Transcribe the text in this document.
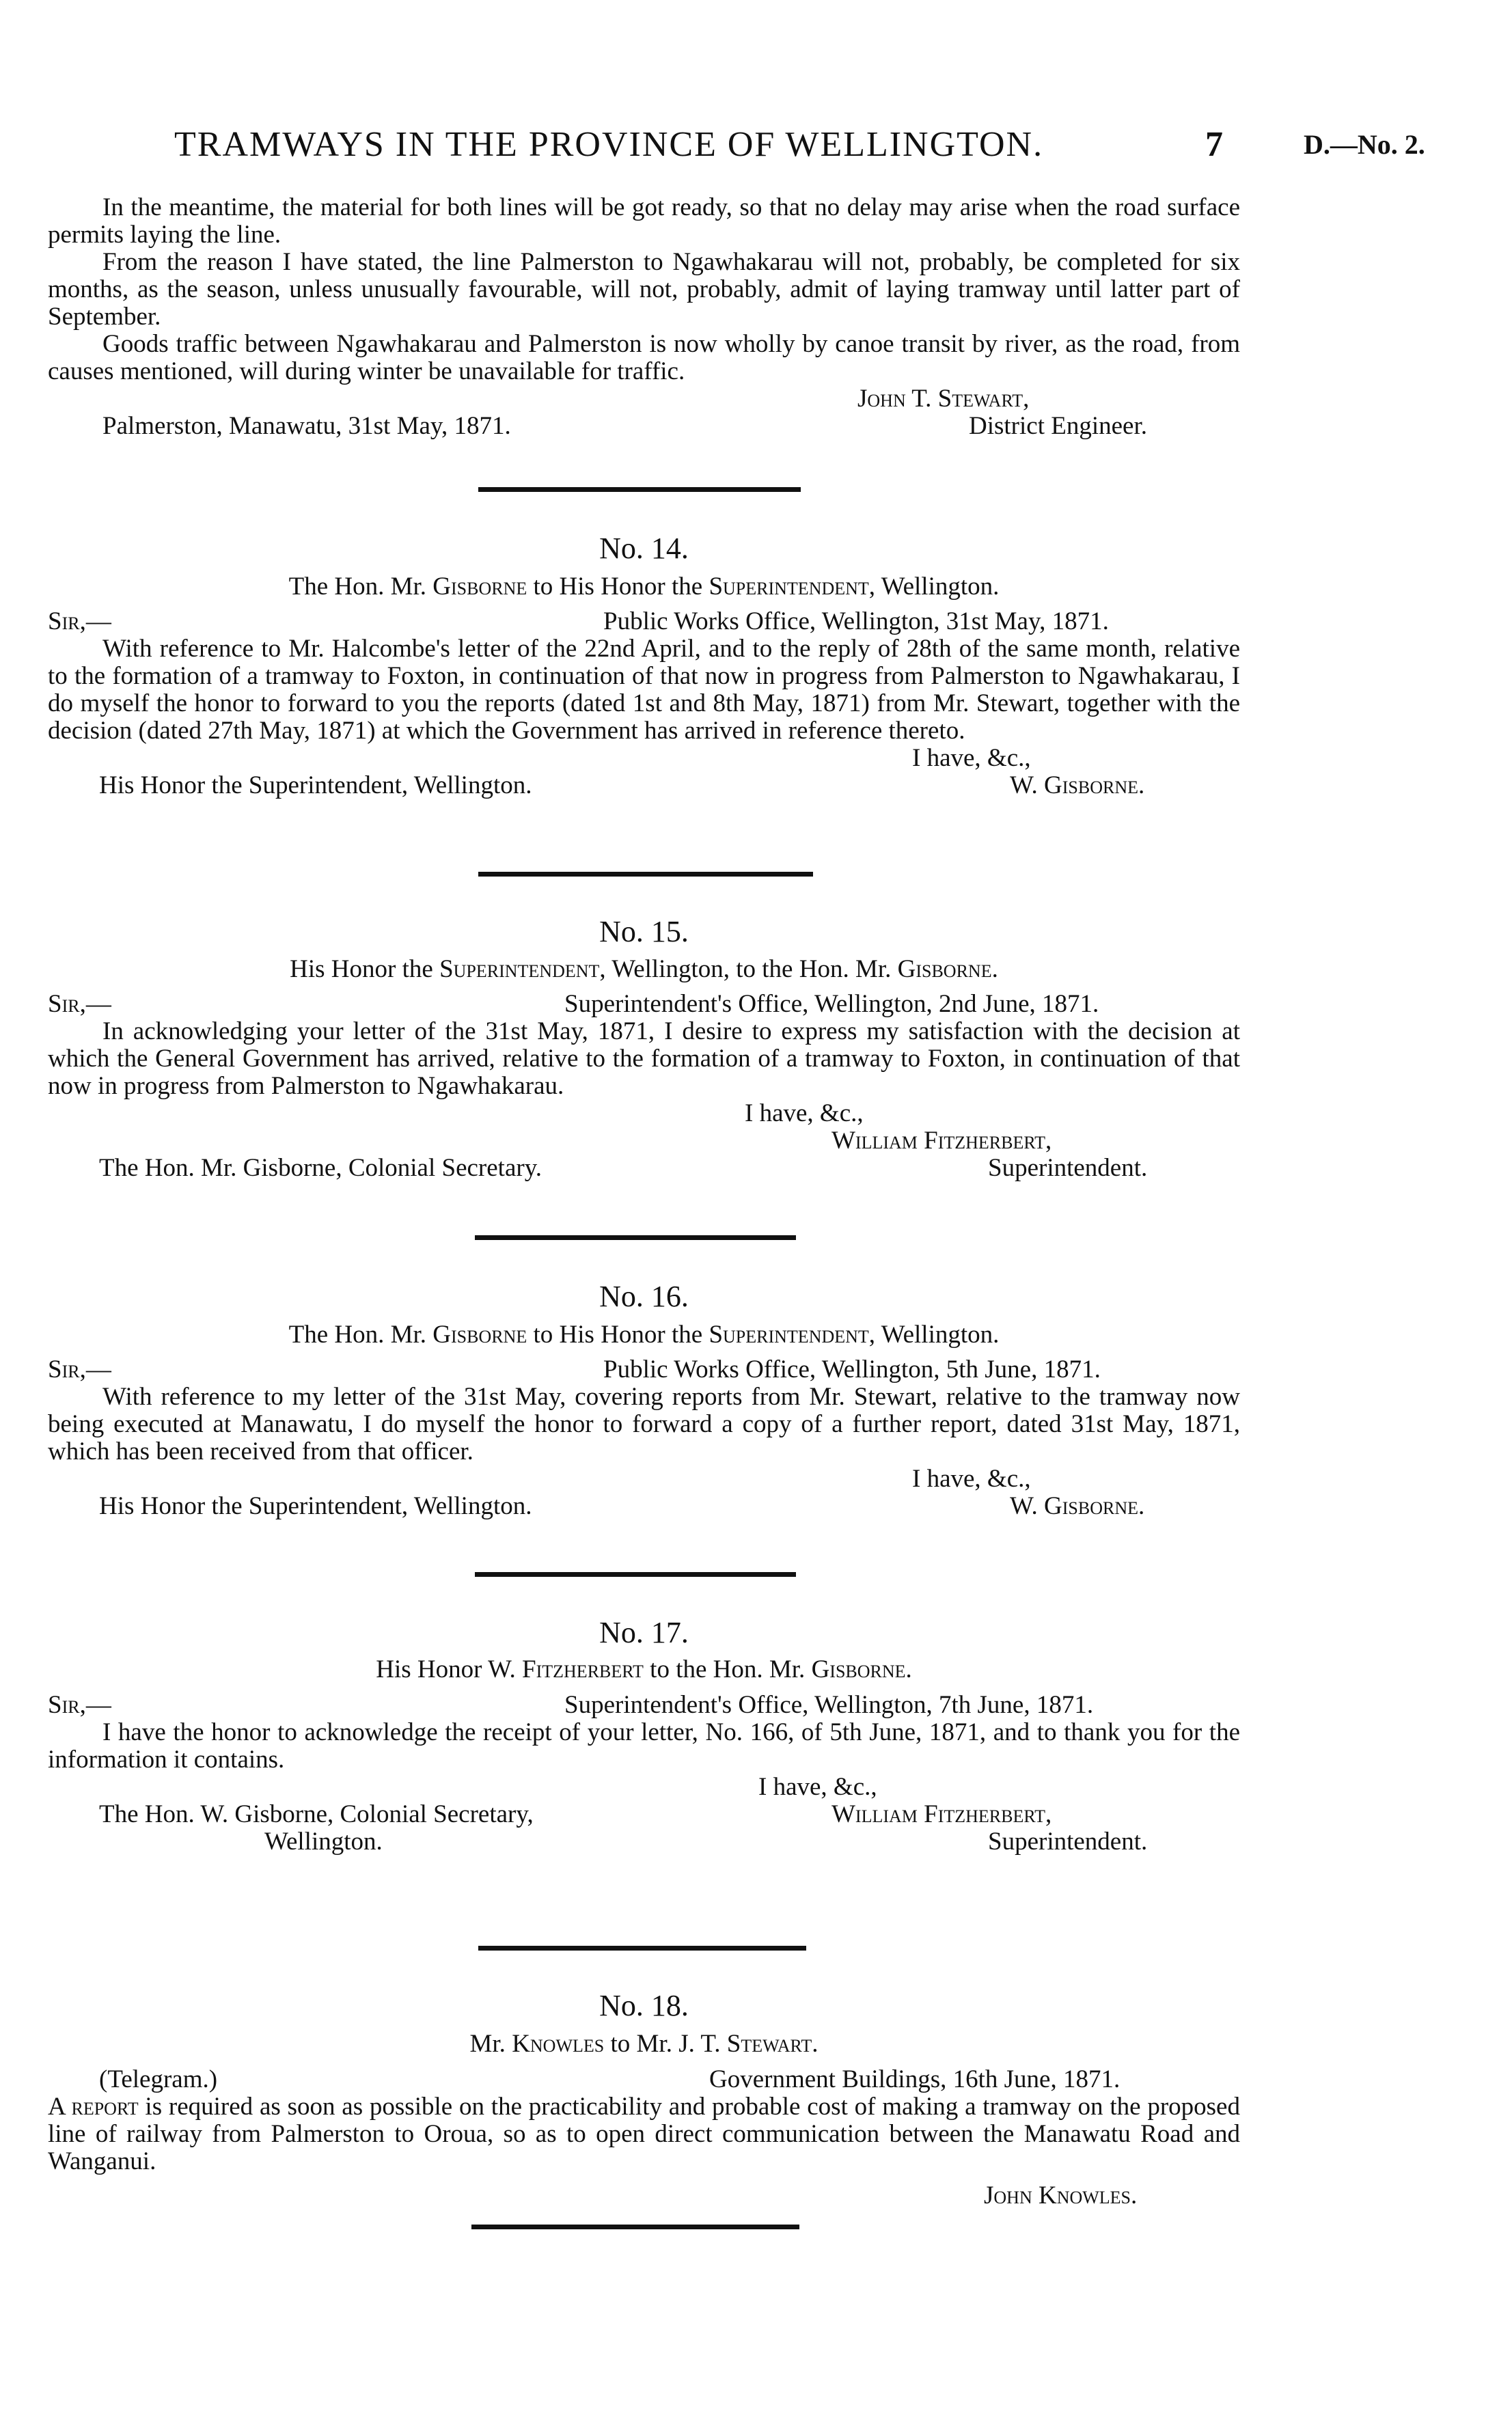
TRAMWAYS IN THE PROVINCE OF WELLINGTON.	7	D.—No. 2.

In the meantime, the material for both lines will be got ready, so that no delay may arise when the road surface permits laying the line.

From the reason I have stated, the line Palmerston to Ngawhakarau will not, probably, be completed for six months, as the season, unless unusually favourable, will not, probably, admit of laying tramway until latter part of September.

Goods traffic between Ngawhakarau and Palmerston is now wholly by canoe transit by river, as the road, from causes mentioned, will during winter be unavailable for traffic.

John T. Stewart,
Palmerston, Manawatu, 31st May, 1871.	District Engineer.
No. 14.
The Hon. Mr. Gisborne to His Honor the Superintendent, Wellington.
Sir,—	Public Works Office, Wellington, 31st May, 1871.

With reference to Mr. Halcombe's letter of the 22nd April, and to the reply of 28th of the same month, relative to the formation of a tramway to Foxton, in continuation of that now in progress from Palmerston to Ngawhakarau, I do myself the honor to forward to you the reports (dated 1st and 8th May, 1871) from Mr. Stewart, together with the decision (dated 27th May, 1871) at which the Government has arrived in reference thereto.

I have, &c.,
His Honor the Superintendent, Wellington.	W. Gisborne.
No. 15.
His Honor the Superintendent, Wellington, to the Hon. Mr. Gisborne.
Sir,—	Superintendent's Office, Wellington, 2nd June, 1871.

In acknowledging your letter of the 31st May, 1871, I desire to express my satisfaction with the decision at which the General Government has arrived, relative to the formation of a tramway to Foxton, in continuation of that now in progress from Palmerston to Ngawhakarau.

I have, &c.,
William Fitzherbert,
The Hon. Mr. Gisborne, Colonial Secretary.	Superintendent.
No. 16.
The Hon. Mr. Gisborne to His Honor the Superintendent, Wellington.
Sir,—	Public Works Office, Wellington, 5th June, 1871.

With reference to my letter of the 31st May, covering reports from Mr. Stewart, relative to the tramway now being executed at Manawatu, I do myself the honor to forward a copy of a further report, dated 31st May, 1871, which has been received from that officer.

I have, &c.,
His Honor the Superintendent, Wellington.	W. Gisborne.
No. 17.
His Honor W. Fitzherbert to the Hon. Mr. Gisborne.
Sir,—	Superintendent's Office, Wellington, 7th June, 1871.

I have the honor to acknowledge the receipt of your letter, No. 166, of 5th June, 1871, and to thank you for the information it contains.

I have, &c.,
The Hon. W. Gisborne, Colonial Secretary,	William Fitzherbert,
Wellington.	Superintendent.
No. 18.
Mr. Knowles to Mr. J. T. Stewart.
(Telegram.)	Government Buildings, 16th June, 1871.

A report is required as soon as possible on the practicability and probable cost of making a tramway on the proposed line of railway from Palmerston to Oroua, so as to open direct communication between the Manawatu Road and Wanganui.

John Knowles.
